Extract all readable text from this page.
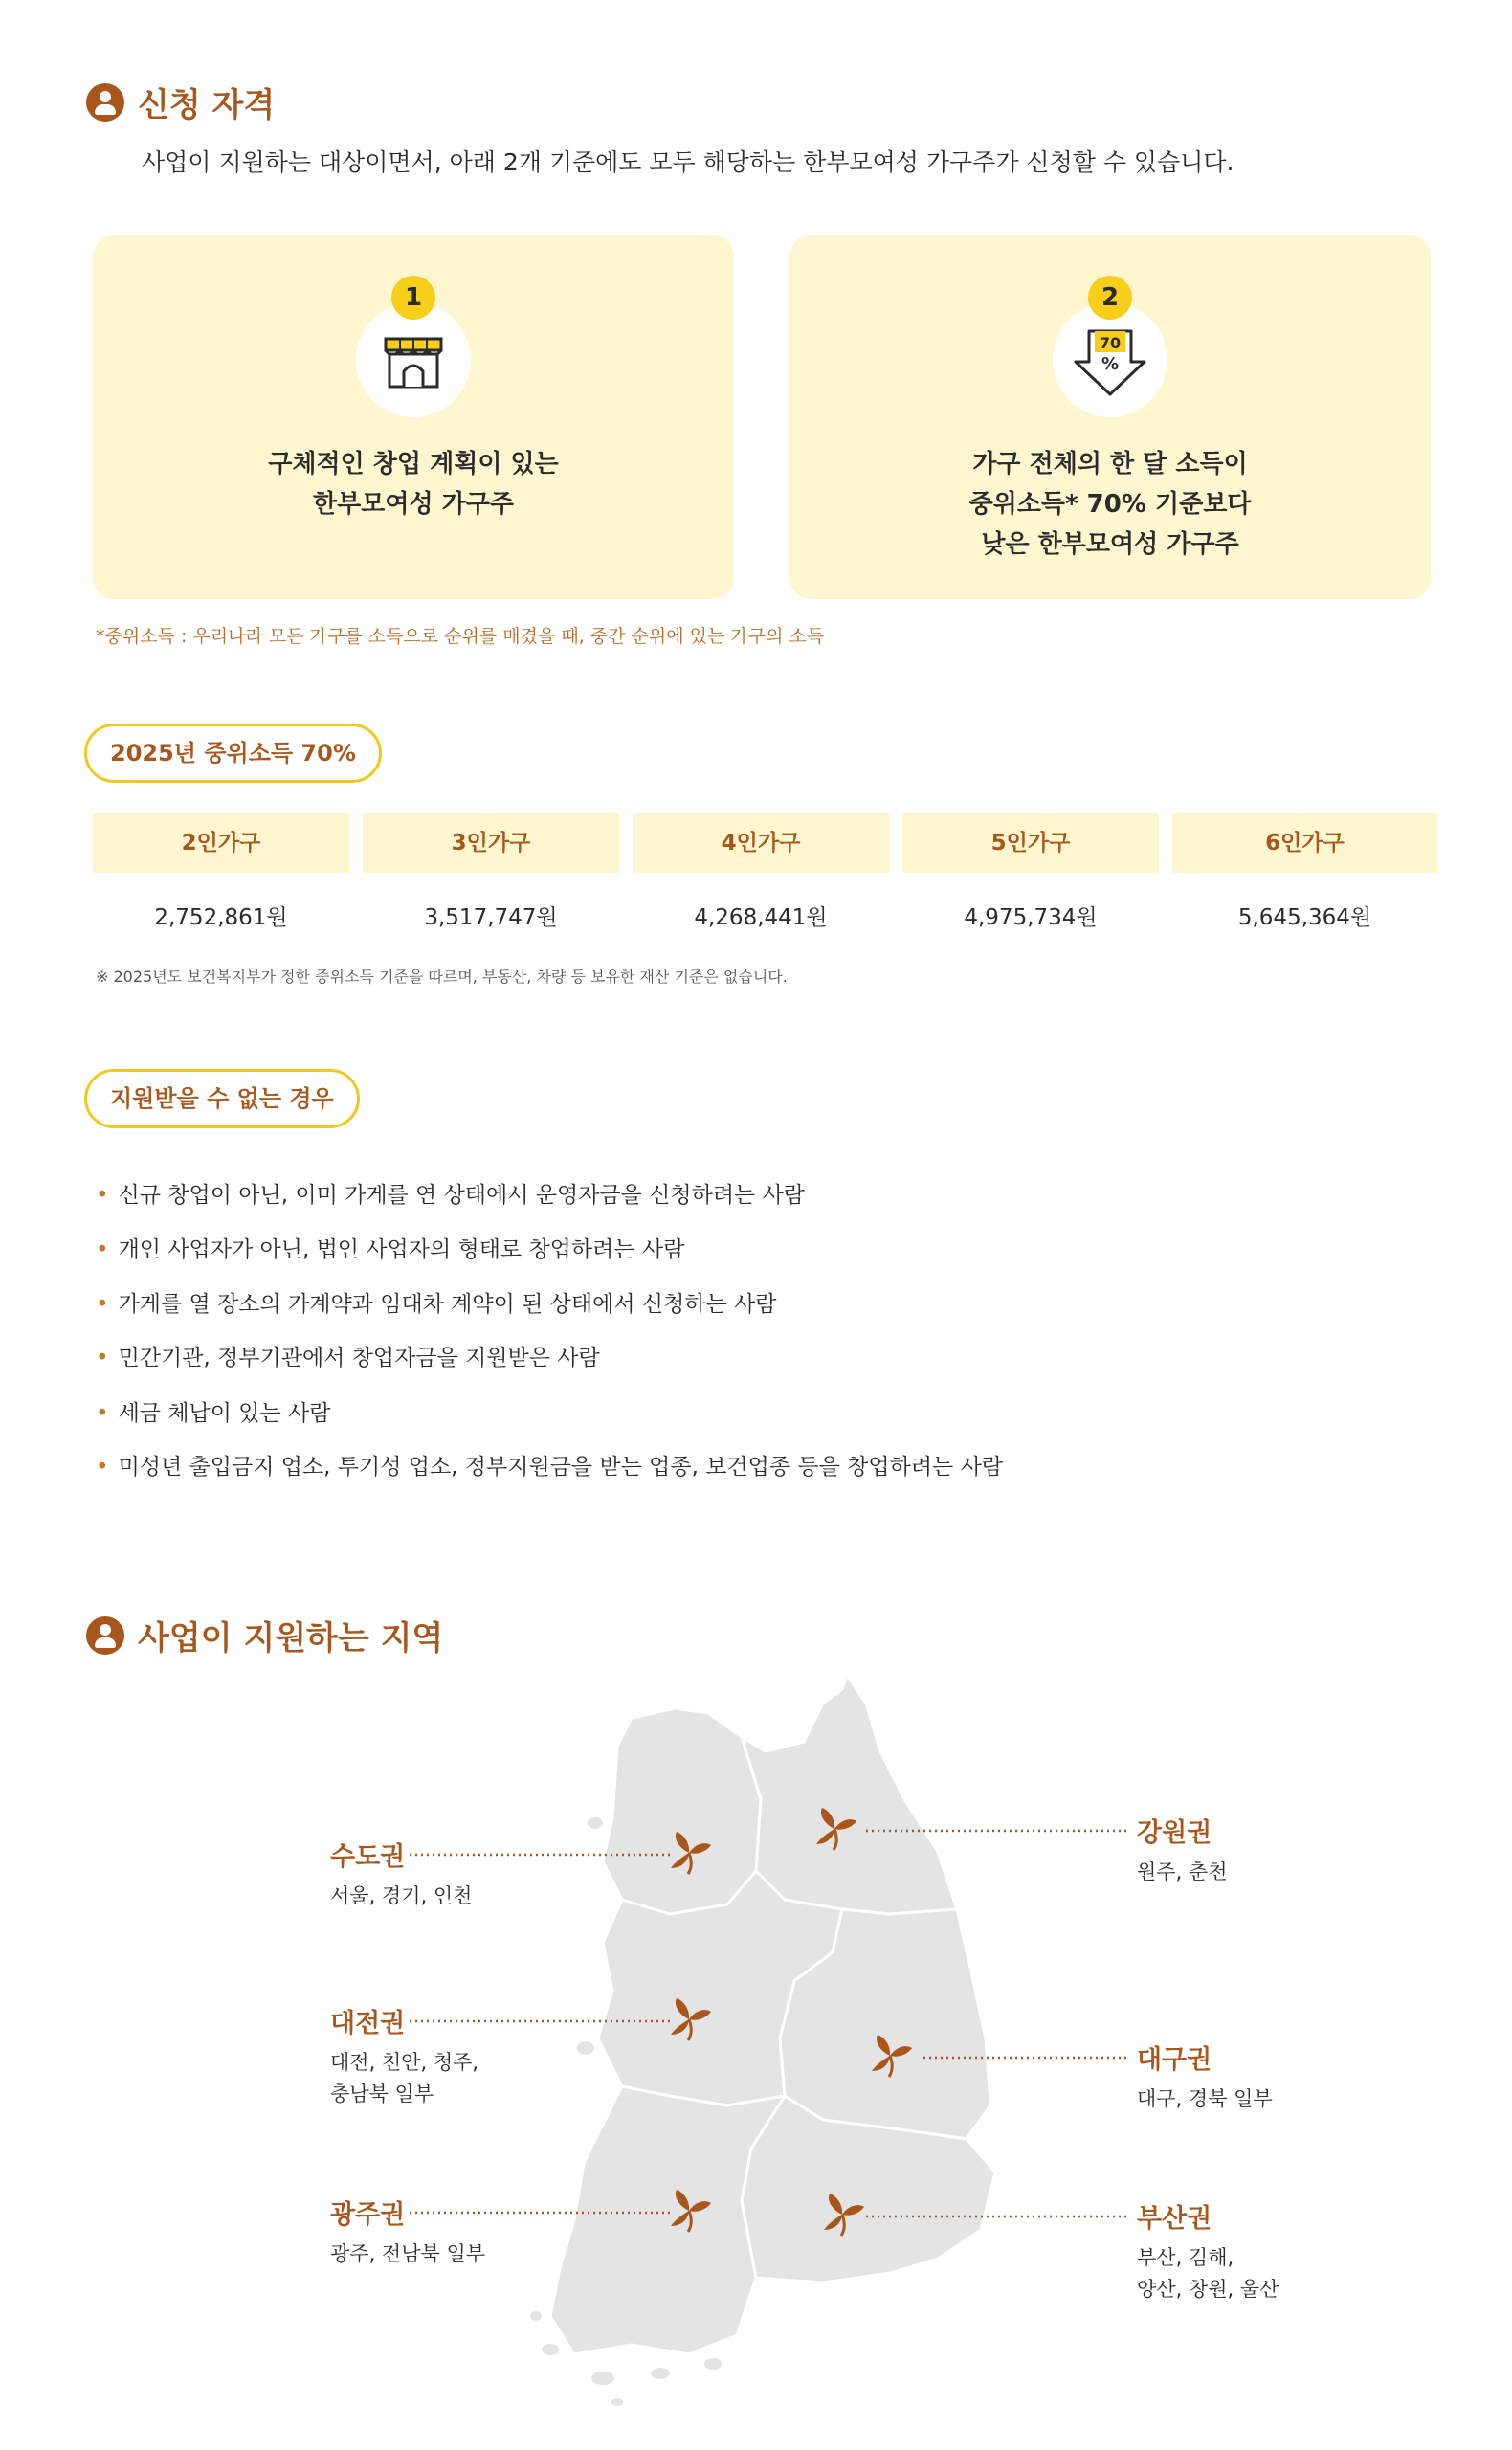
신청 자격
사업이 지원하는 대상이면서, 아래 2개 기준에도 모두 해당하는 한부모여성 가구주가 신청할 수 있습니다.
1
구체적인 창업 계획이 있는
한부모여성 가구주
70
%
2
가구 전체의 한 달 소득이
중위소득* 70% 기준보다
낮은 한부모여성 가구주
*중위소득 : 우리나라 모든 가구를 소득으로 순위를 매겼을 때, 중간 순위에 있는 가구의 소득
2025년 중위소득 70%
2인가구	3인가구	4인가구	5인가구	6인가구
2,752,861원	3,517,747원	4,268,441원	4,975,734원	5,645,364원
※ 2025년도 보건복지부가 정한 중위소득 기준을 따르며, 부동산, 차량 등 보유한 재산 기준은 없습니다.
지원받을 수 없는 경우
• 신규 창업이 아닌, 이미 가게를 연 상태에서 운영자금을 신청하려는 사람
• 개인 사업자가 아닌, 법인 사업자의 형태로 창업하려는 사람
• 가게를 열 장소의 가계약과 임대차 계약이 된 상태에서 신청하는 사람
• 민간기관, 정부기관에서 창업자금을 지원받은 사람
• 세금 체납이 있는 사람
• 미성년 출입금지 업소, 투기성 업소, 정부지원금을 받는 업종, 보건업종 등을 창업하려는 사람
사업이 지원하는 지역
수도권
서울, 경기, 인천
대전권
대전, 천안, 청주,
충남북 일부
광주권
광주, 전남북 일부
강원권
원주, 춘천
대구권
대구, 경북 일부
부산권
부산, 김해,
양산, 창원, 울산
